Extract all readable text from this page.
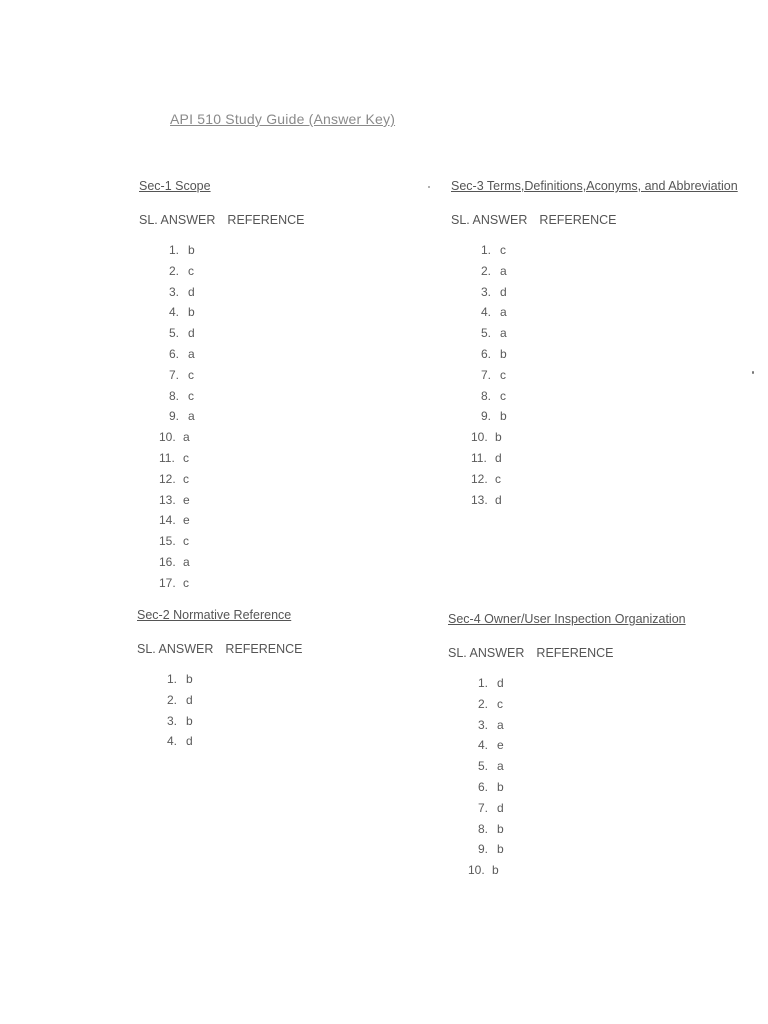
API 510 Study Guide (Answer Key)
Sec-1 Scope
SL. ANSWER REFERENCE
1. b
2. c
3. d
4. b
5. d
6. a
7. c
8. c
9. a
10. a
11. c
12. c
13. e
14. e
15. c
16. a
17. c
Sec-3 Terms,Definitions,Aconyms, and Abbreviation
SL. ANSWER REFERENCE
1. c
2. a
3. d
4. a
5. a
6. b
7. c
8. c
9. b
10. b
11. d
12. c
13. d
Sec-2 Normative Reference
SL. ANSWER REFERENCE
1. b
2. d
3. b
4. d
Sec-4 Owner/User Inspection Organization
SL. ANSWER REFERENCE
1. d
2. c
3. a
4. e
5. a
6. b
7. d
8. b
9. b
10. b
